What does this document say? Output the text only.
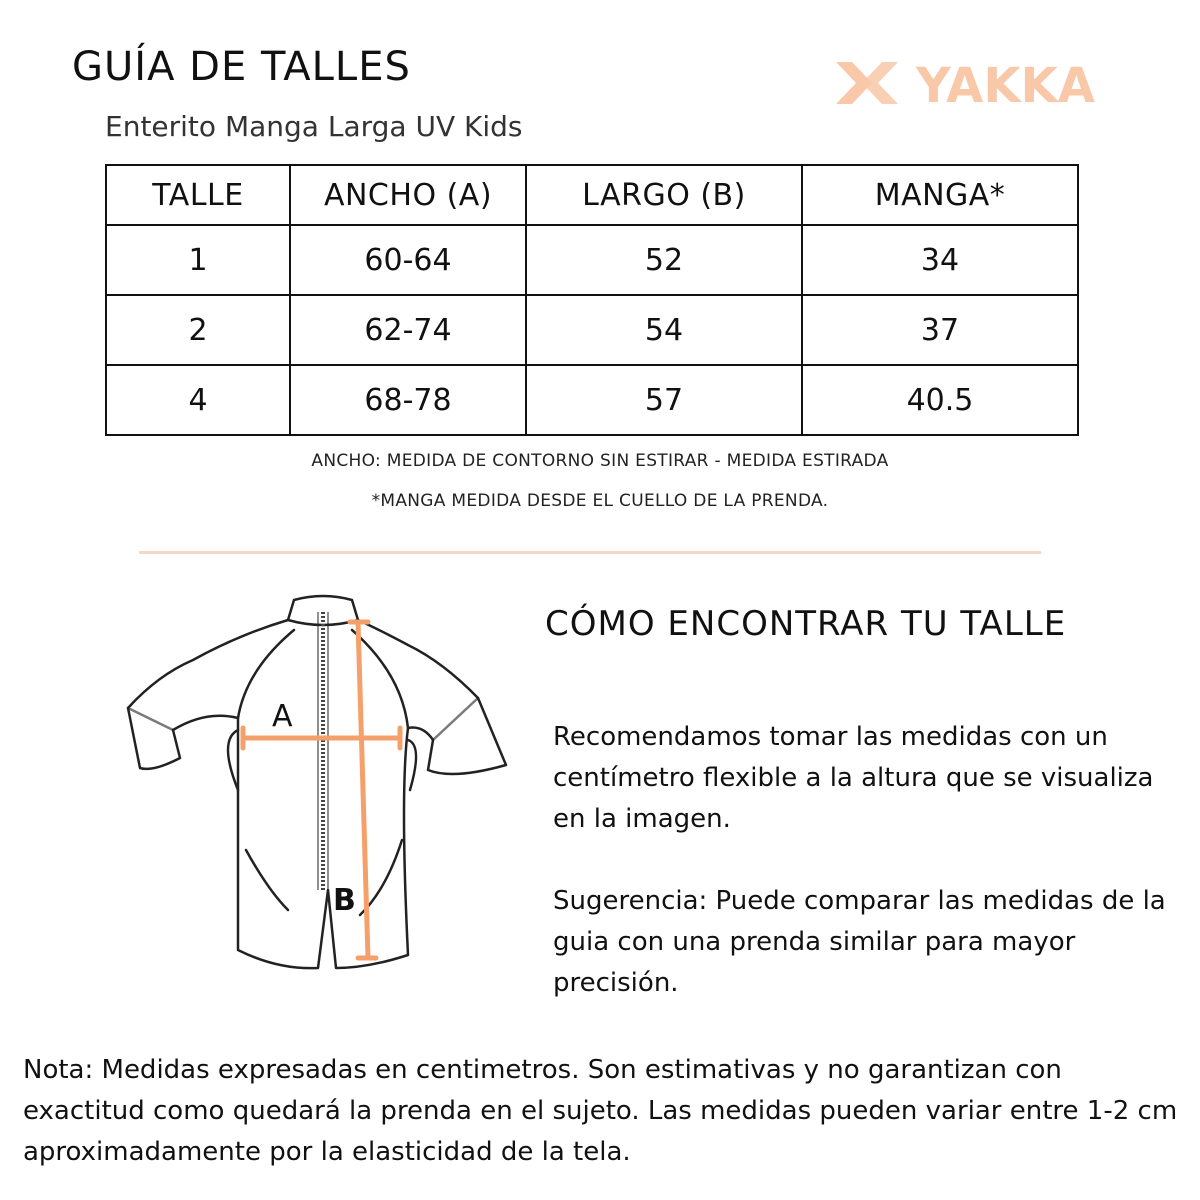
GUÍA DE TALLES

Enterito Manga Larga UV Kids

YAKKA
TALLE	ANCHO (A)	LARGO (B)	MANGA*
1	60-64	52	34
2	62-74	54	37
4	68-78	57	40.5

ANCHO: MEDIDA DE CONTORNO SIN ESTIRAR - MEDIDA ESTIRADA

*MANGA MEDIDA DESDE EL CUELLO DE LA PRENDA.

A
B
CÓMO ENCONTRAR TU TALLE

Recomendamos tomar las medidas con un centímetro flexible a la altura que se visualiza en la imagen.

Sugerencia: Puede comparar las medidas de la guia con una prenda similar para mayor precisión.

Nota: Medidas expresadas en centimetros. Son estimativas y no garantizan con exactitud como quedará la prenda en el sujeto. Las medidas pueden variar entre 1-2 cm aproximadamente por la elasticidad de la tela.
